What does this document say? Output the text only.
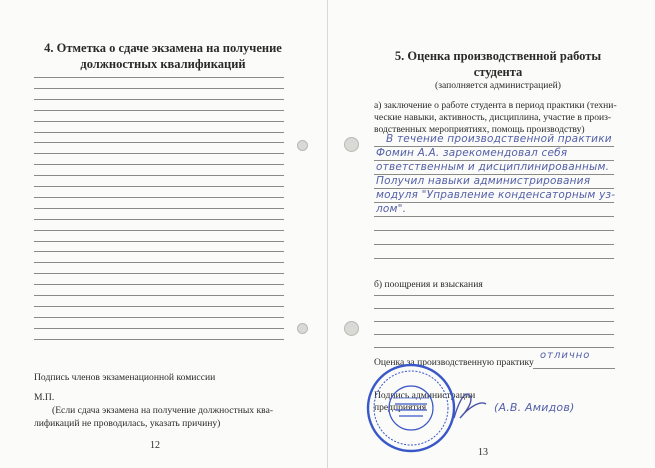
4. Отметка о сдаче экзамена на получение
должностных квалификаций
Подпись членов экзаменационной комиссии
М.П.
(Если сдача экзамена на получение должностных ква-
лификаций не проводилась, указать причину)
12
5. Оценка производственной работы
студента
(заполняется администрацией)
а) заключение о работе студента в период практики (техни-
ческие навыки, активность, дисциплина, участие в произ-
водственных мероприятиях, помощь производству)
В течение производственной практики
Фомин А.А. зарекомендовал себя
ответственным и дисциплинированным.
Получил навыки администрирования
модуля "Управление конденсаторным уз-
лом".
б) поощрения и взыскания
Оценка за производственную практику
отлично
Подпись администрации
предприятия	(А.В. Амидов)
13
